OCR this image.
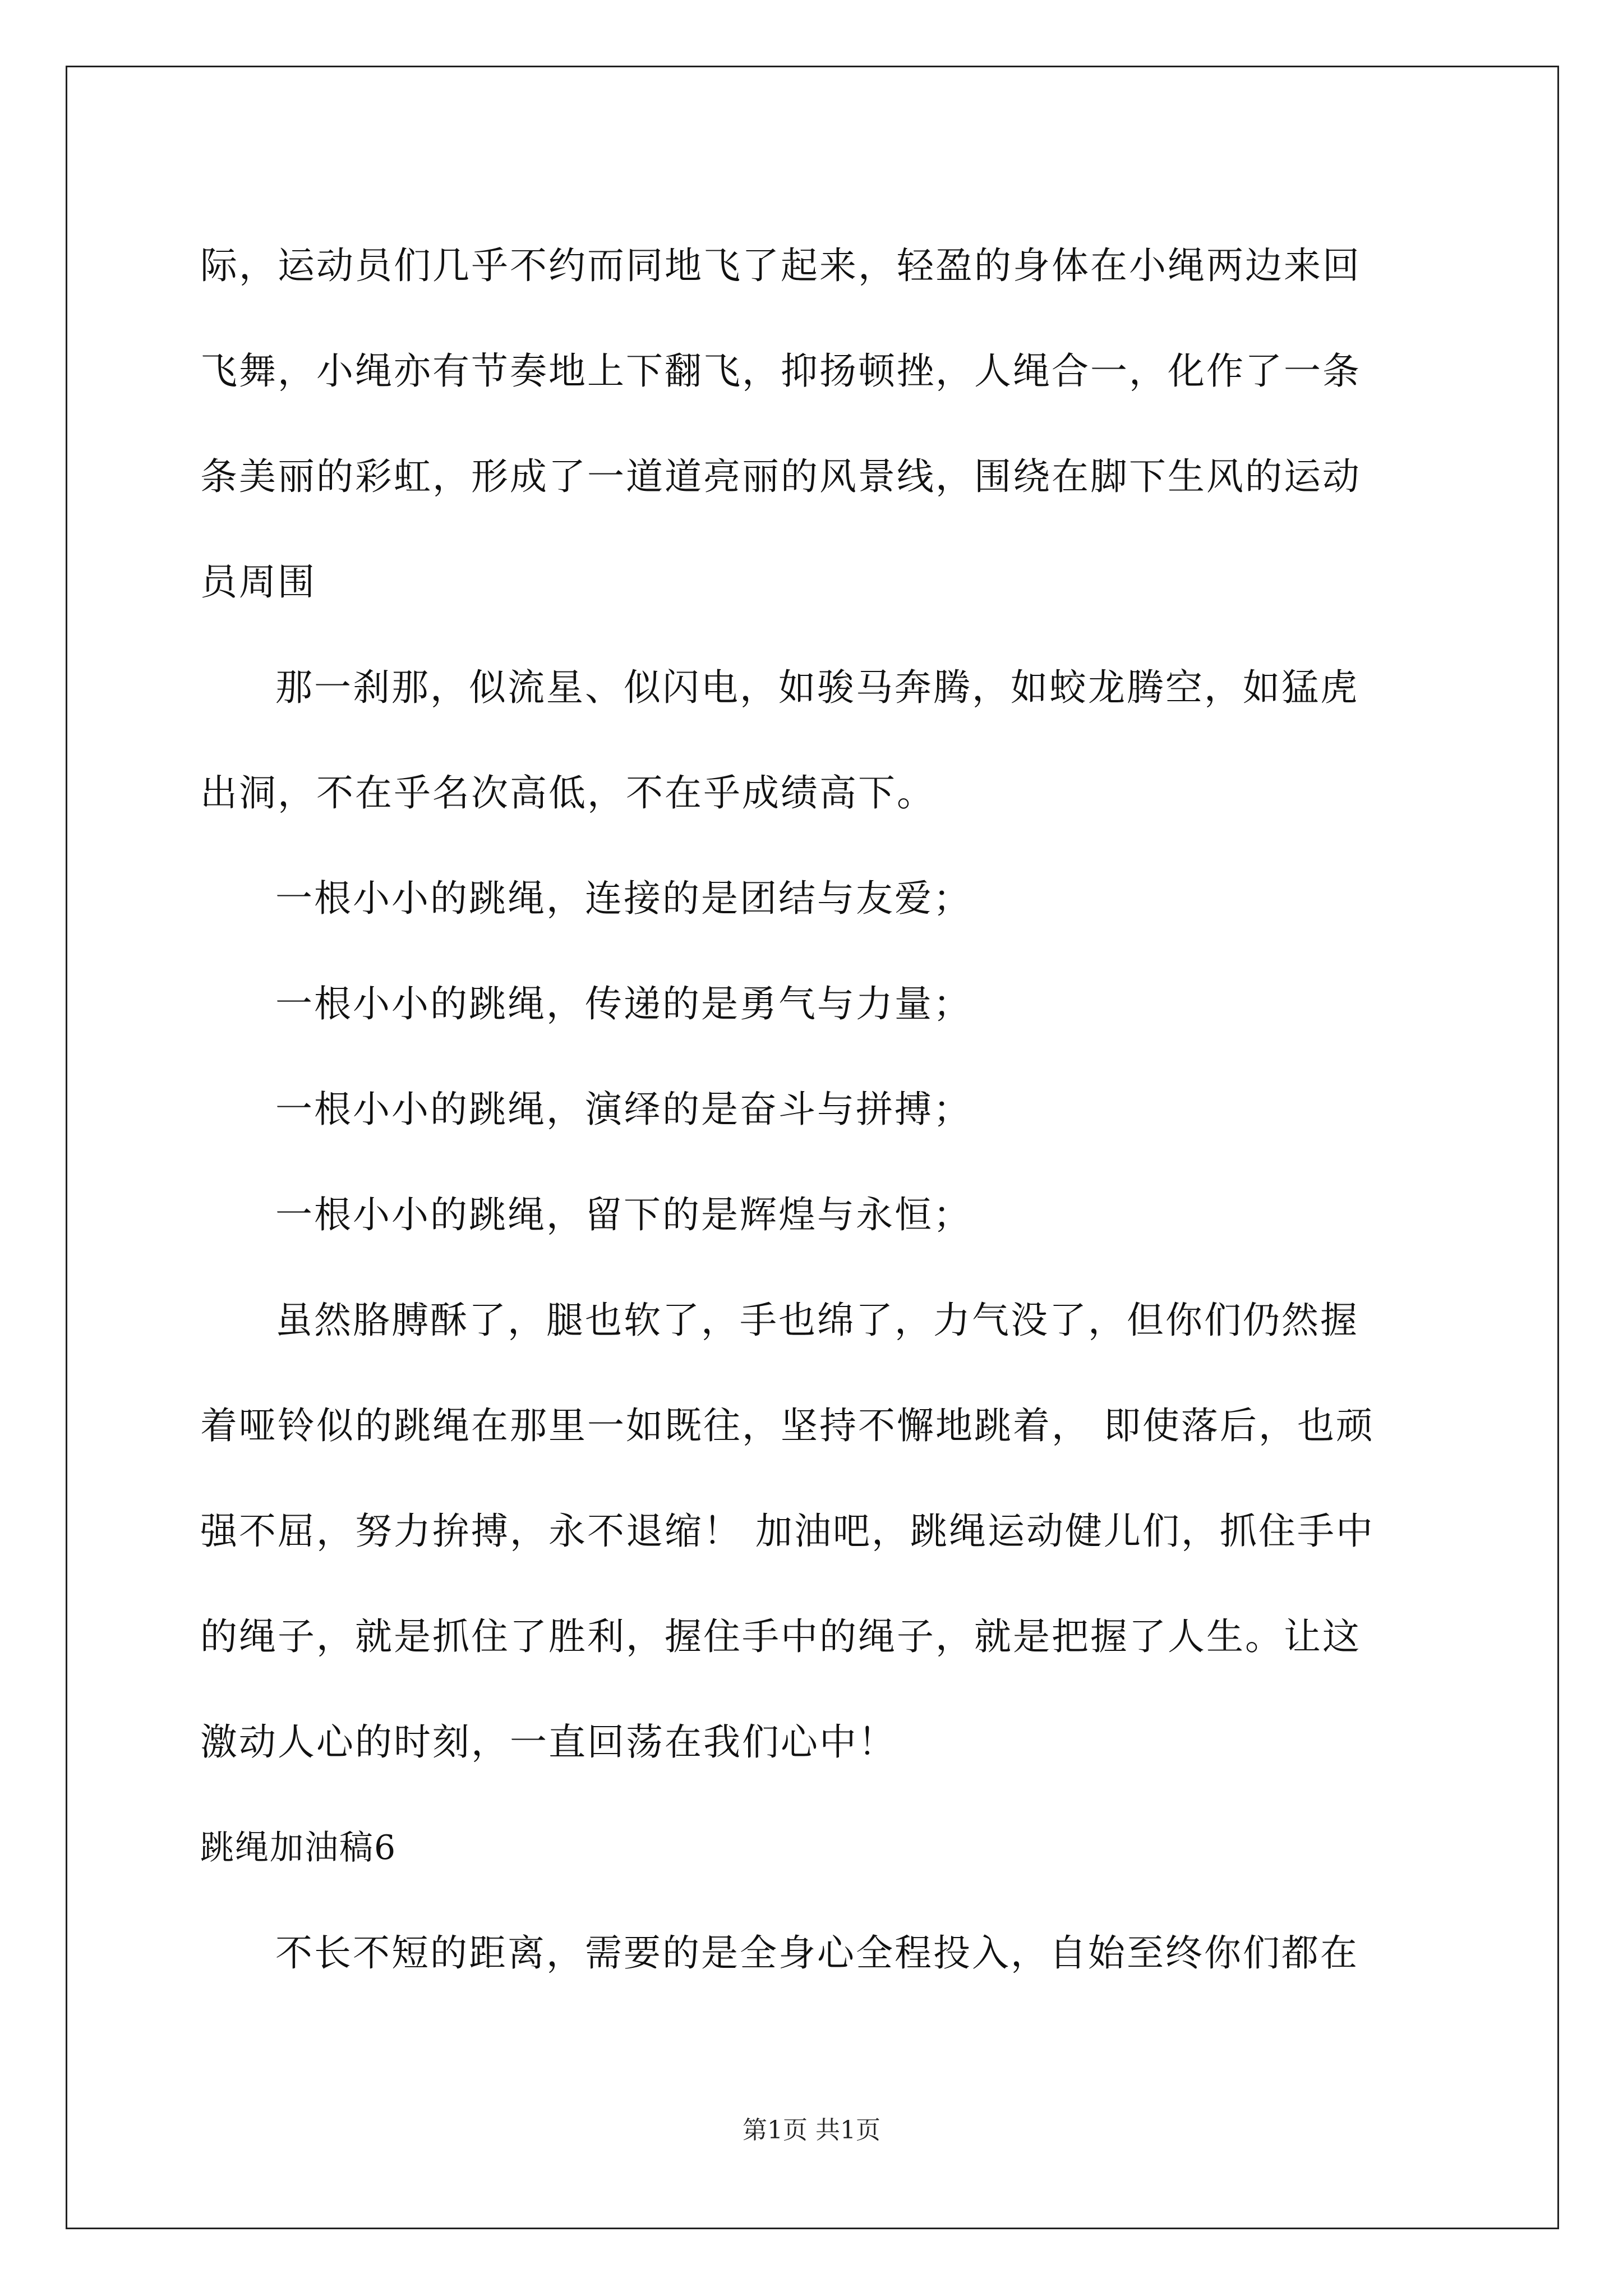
际，运动员们几乎不约而同地飞了起来，轻盈的身体在小绳两边来回
飞舞，小绳亦有节奏地上下翻飞，抑扬顿挫，人绳合一，化作了一条
条美丽的彩虹，形成了一道道亮丽的风景线，围绕在脚下生风的运动
员周围
那一刹那，似流星、似闪电，如骏马奔腾，如蛟龙腾空，如猛虎
出洞，不在乎名次高低，不在乎成绩高下。
一根小小的跳绳，连接的是团结与友爱；
一根小小的跳绳，传递的是勇气与力量；
一根小小的跳绳，演绎的是奋斗与拼搏；
一根小小的跳绳，留下的是辉煌与永恒；
虽然胳膊酥了，腿也软了，手也绵了，力气没了，但你们仍然握
着哑铃似的跳绳在那里一如既往，坚持不懈地跳着， 即使落后，也顽
强不屈，努力拚搏，永不退缩！ 加油吧，跳绳运动健儿们，抓住手中
的绳子，就是抓住了胜利，握住手中的绳子，就是把握了人生。让这
激动人心的时刻，一直回荡在我们心中！
跳绳加油稿6
不长不短的距离，需要的是全身心全程投入，自始至终你们都在
第1页 共1页
